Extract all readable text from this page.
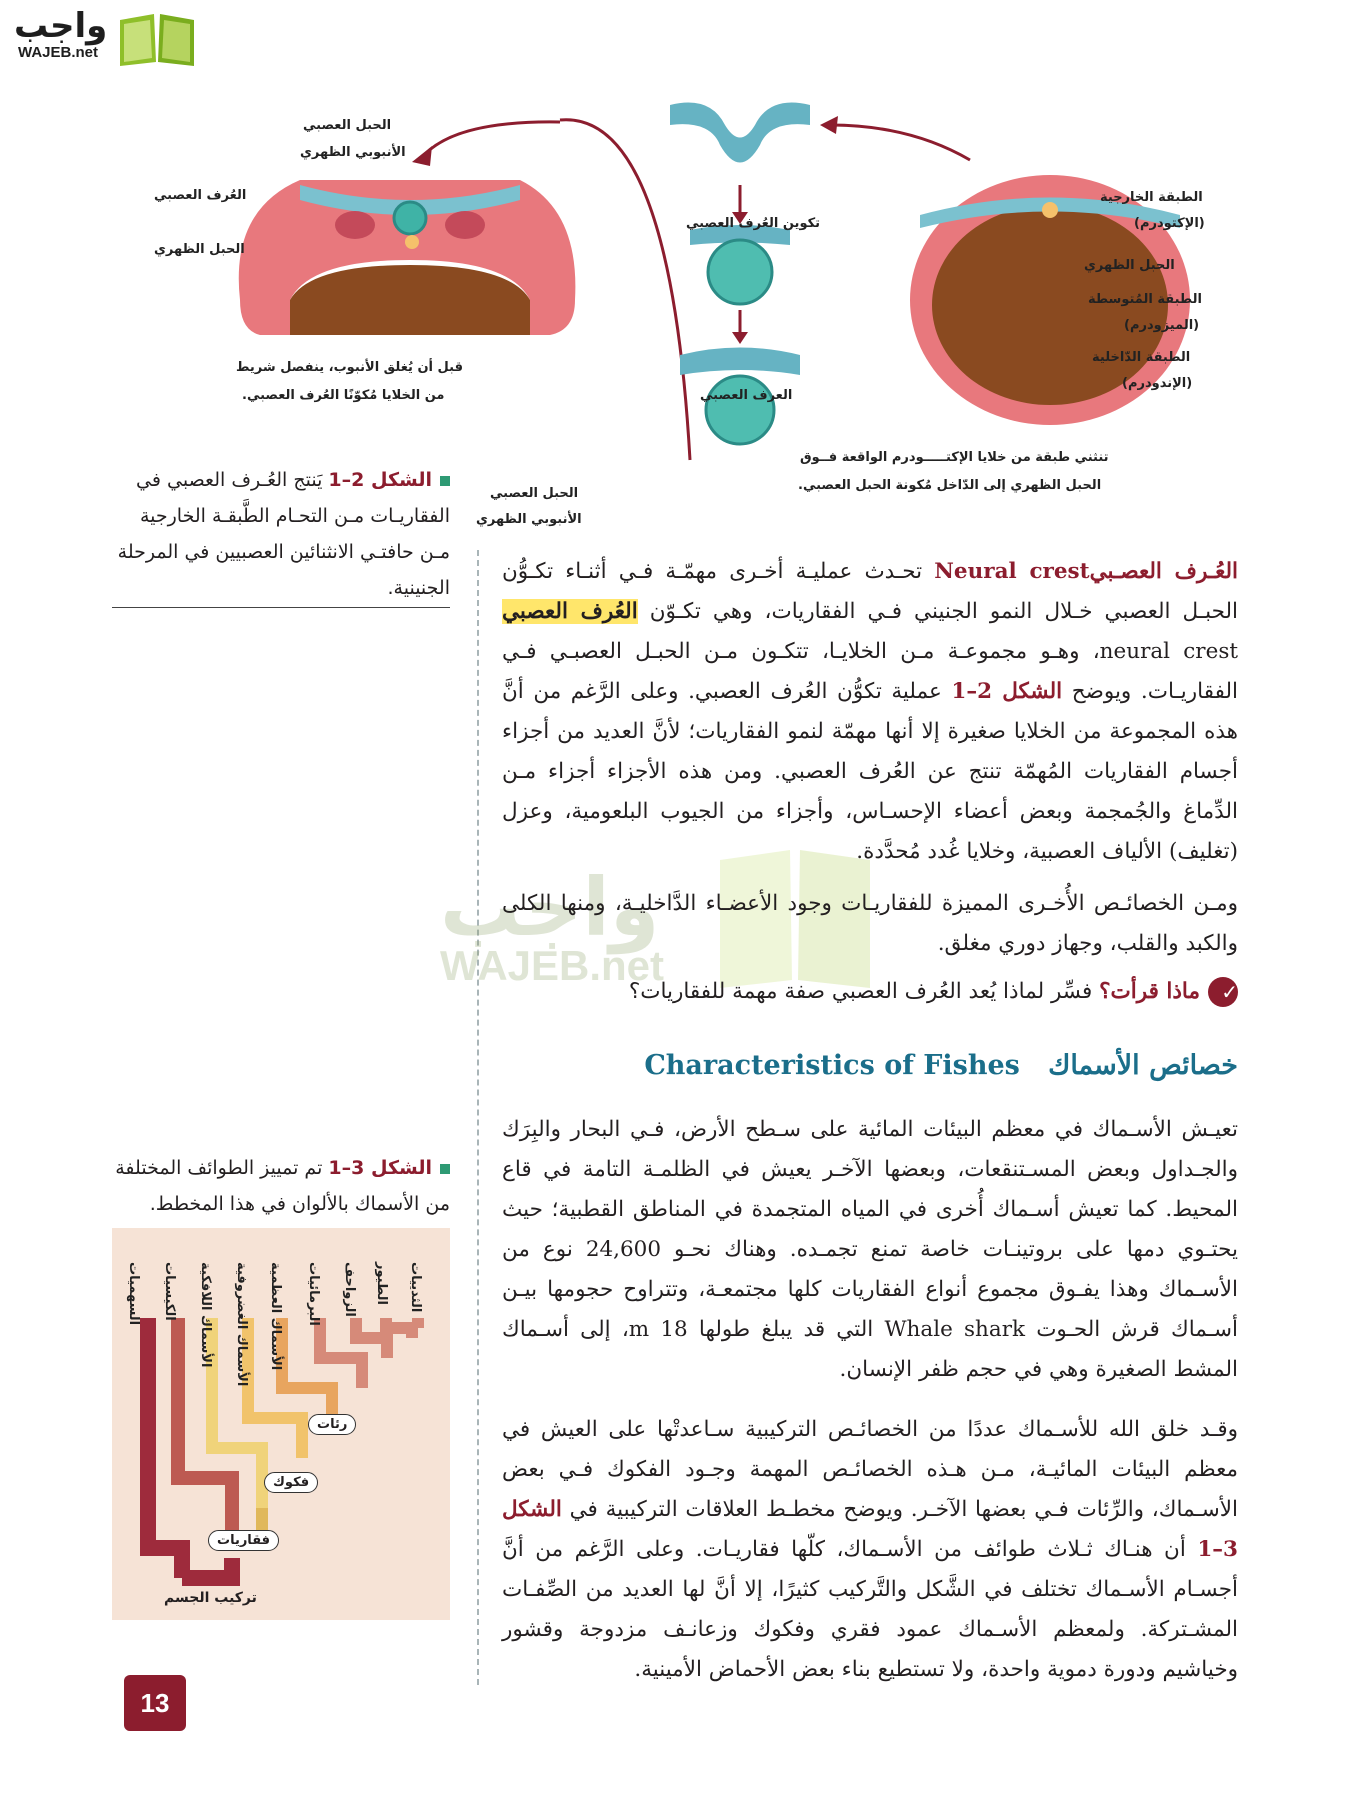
واجب
WAJEB.net
الحبل العصبي
الأنبوبي الظهري
العُرف العصبي
الحبل الظهري
تكوين العُرف العصبي
العرف العصبي
الحبل العصبي
الأنبوبي الظهري
الطبقة الخارجية
(الإكتودرم)
الحبل الظهري
الطبقة المُتوسطة
(الميزودرم)
الطبقة الدّاخلية
(الإندودرم)
قبل أن يُغلق الأنبوب، ينفصل شريط
من الخلايا مُكوّنًا العُرف العصبي.
تنثني طبقة من خلايا الإكتـــــودرم الواقعة فــوق
الحبل الظهري إلى الدّاخل مُكونة الحبل العصبي.
الشكل 2–1 يَنتج العُـرف العصبي في الفقاريـات مـن التحـام الطَّبقـة الخارجية مـن حافتـي الانثنائين العصبيين في المرحلة الجنينية.
واجب
WAJEB.net
العُـرف العصـبيNeural crest تحـدث عمليـة أخـرى مهمّـة فـي أثنـاء تكـوُّن الحبـل العصبي خـلال النمو الجنيني فـي الفقاريات، وهي تكـوّن العُرف العصبي neural crest، وهـو مجموعـة مـن الخلايـا، تتكـون مـن الحبـل العصبـي فـي الفقاريـات. ويوضح الشكل 2–1 عملية تكوُّن العُرف العصبي. وعلى الرَّغم من أنَّ هذه المجموعة من الخلايا صغيرة إلا أنها مهمّة لنمو الفقاريات؛ لأنَّ العديد من أجزاء أجسام الفقاريات المُهمّة تنتج عن العُرف العصبي. ومن هذه الأجزاء أجزاء مـن الدِّماغ والجُمجمة وبعض أعضاء الإحسـاس، وأجزاء من الجيوب البلعومية، وعزل (تغليف) الألياف العصبية، وخلايا غُدد مُحدَّدة.
ومـن الخصائـص الأُخـرى المميزة للفقاريـات وجود الأعضـاء الدَّاخليـة، ومنها الكلى والكبد والقلب، وجهاز دوري مغلق.
✓ماذا قرأت؟ فسِّر لماذا يُعد العُرف العصبي صفة مهمة للفقاريات؟
Characteristics of Fishes خصائص الأسماك
تعيـش الأسـماك في معظم البيئات المائية على سـطح الأرض، فـي البحار والبِرَك والجـداول وبعض المسـتنقعات، وبعضها الآخـر يعيش في الظلمـة التامة في قاع المحيط. كما تعيش أسـماك أُخرى في المياه المتجمدة في المناطق القطبية؛ حيث يحتـوي دمها على بروتينـات خاصة تمنع تجمـده. وهناك نحـو 24,600 نوع من الأسـماك وهذا يفـوق مجموع أنواع الفقاريات كلها مجتمعـة، وتتراوح حجومها بيـن أسـماك قرش الحـوت Whale shark التي قد يبلغ طولها 18 m، إلى أسـماك المشط الصغيرة وهي في حجم ظفر الإنسان.
وقـد خلق الله للأسـماك عددًا من الخصائـص التركيبية سـاعدتْها على العيش في معظم البيئات المائيـة، مـن هـذه الخصائـص المهمة وجـود الفكوك فـي بعض الأسـماك، والرِّئات فـي بعضها الآخـر. ويوضح مخطـط العلاقات التركيبية في الشكل 3–1 أن هنـاك ثـلاث طوائف من الأسـماك، كلّها فقاريـات. وعلى الرَّغم من أنَّ أجسـام الأسـماك تختلف في الشَّكل والتَّركيب كثيرًا، إلا أنَّ لها العديد من الصِّفـات المشـتركة. ولمعظم الأسـماك عمود فقري وفكوك وزعانـف مزدوجة وقشور وخياشيم ودورة دموية واحدة، ولا تستطيع بناء بعض الأحماض الأمينية.
الشكل 3–1 تم تمييز الطوائف المختلفة من الأسماك بالألوان في هذا المخطط.
السهميات الكيسيات الأسماك اللافكية الأسماك الغضروفية الأسماك العظمية البرمائيات الزواحف الطيور الثدييات
رئات
فكوك
فقاريات
تركيب الجسم
13
